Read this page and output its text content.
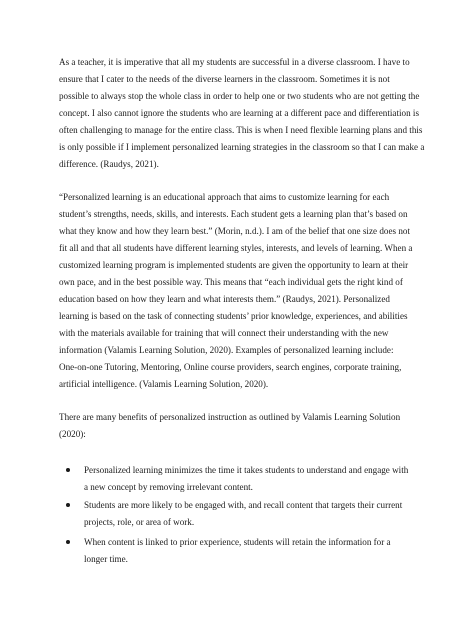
As a teacher, it is imperative that all my students are successful in a diverse classroom. I have to
ensure that I cater to the needs of the diverse learners in the classroom. Sometimes it is not
possible to always stop the whole class in order to help one or two students who are not getting the
concept. I also cannot ignore the students who are learning at a different pace and differentiation is
often challenging to manage for the entire class. This is when I need flexible learning plans and this
is only possible if I implement personalized learning strategies in the classroom so that I can make a
difference. (Raudys, 2021).
“Personalized learning is an educational approach that aims to customize learning for each
student’s strengths, needs, skills, and interests. Each student gets a learning plan that’s based on
what they know and how they learn best.” (Morin, n.d.). I am of the belief that one size does not
fit all and that all students have different learning styles, interests, and levels of learning. When a
customized learning program is implemented students are given the opportunity to learn at their
own pace, and in the best possible way. This means that “each individual gets the right kind of
education based on how they learn and what interests them.” (Raudys, 2021). Personalized
learning is based on the task of connecting students’ prior knowledge, experiences, and abilities
with the materials available for training that will connect their understanding with the new
information (Valamis Learning Solution, 2020). Examples of personalized learning include:
One-on-one Tutoring, Mentoring, Online course providers, search engines, corporate training,
artificial intelligence. (Valamis Learning Solution, 2020).
There are many benefits of personalized instruction as outlined by Valamis Learning Solution
(2020):
Personalized learning minimizes the time it takes students to understand and engage with
a new concept by removing irrelevant content.
Students are more likely to be engaged with, and recall content that targets their current
projects, role, or area of work.
When content is linked to prior experience, students will retain the information for a
longer time.
